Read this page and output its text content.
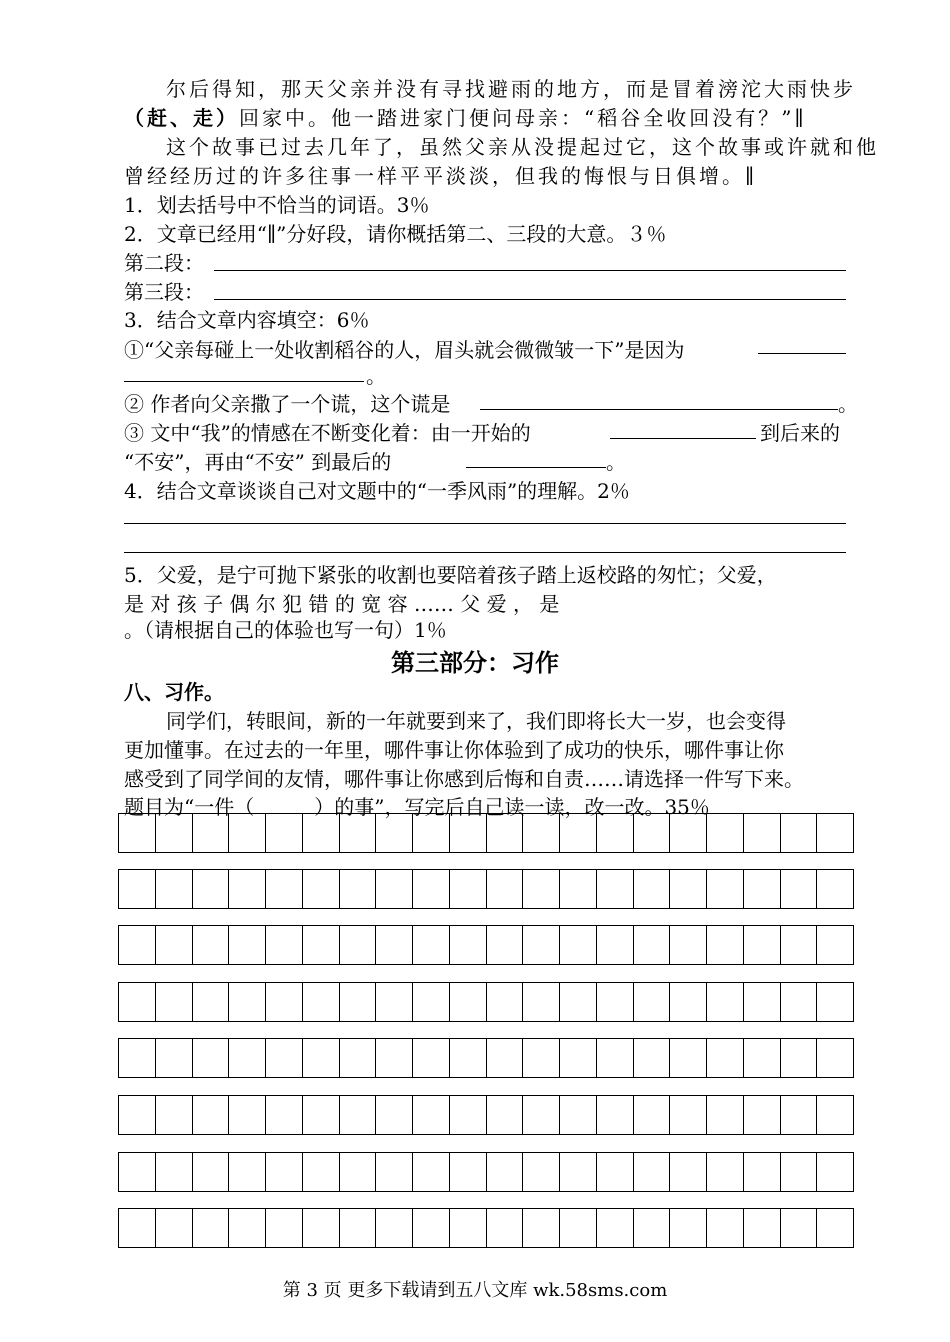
尔后得知，那天父亲并没有寻找避雨的地方，而是冒着滂沱大雨快步
（赶、走）回家中。他一踏进家门便问母亲：“稻谷全收回没有？”∥
这个故事已过去几年了，虽然父亲从没提起过它，这个故事或许就和他
曾经经历过的许多往事一样平平淡淡，但我的悔恨与日俱增。∥
1．划去括号中不恰当的词语。3％
2．文章已经用“∥”分好段，请你概括第二、三段的大意。３％
第二段：
第三段：
3．结合文章内容填空：6％
①“父亲每碰上一处收割稻谷的人，眉头就会微微皱一下”是因为
。
② 作者向父亲撒了一个谎，这个谎是	。
③ 文中“我”的情感在不断变化着：由一开始的	到后来的
“不安”，再由“不安” 到最后的	。
4．结合文章谈谈自己对文题中的“一季风雨”的理解。2％
5．父爱，是宁可抛下紧张的收割也要陪着孩子踏上返校路的匆忙；父爱，
是 对 孩 子 偶 尔 犯 错 的 宽 容 …… 父 爱 ， 是
。（请根据自己的体验也写一句）1％
第三部分：习作
八、习作。
同学们，转眼间，新的一年就要到来了，我们即将长大一岁，也会变得
更加懂事。在过去的一年里，哪件事让你体验到了成功的快乐，哪件事让你
感受到了同学间的友情，哪件事让你感到后悔和自责……请选择一件写下来。
题目为“一件（　　　）的事”，写完后自己读一读，改一改。35％
第 3 页 更多下载请到五八文库 wk.58sms.com
